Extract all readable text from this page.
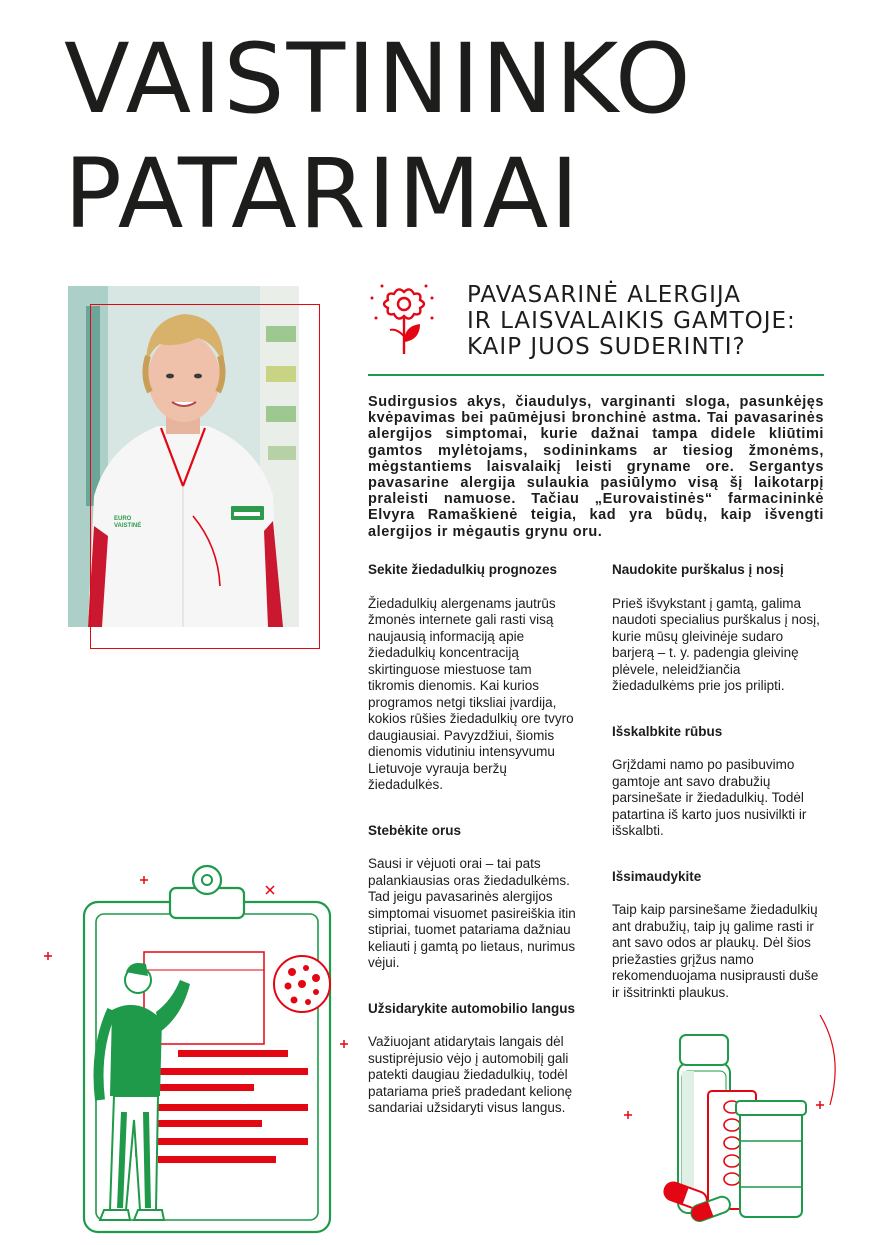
VAISTININKO
PATARIMAI
EURO
VAISTINĖ
PAVASARINĖ ALERGIJA
IR LAISVALAIKIS GAMTOJE:
KAIP JUOS SUDERINTI?

Sudirgusios akys, čiaudulys, varginanti sloga, pasunkėjęs kvėpavimas bei paūmėjusi bronchinė astma. Tai pavasarinės alergijos simptomai, kurie dažnai tampa didele kliūtimi gamtos mylėtojams, sodininkams ar tiesiog žmonėms, mėgstantiems laisvalaikį leisti gryname ore. Sergantys pavasarine alergija sulaukia pasiūlymo visą šį laikotarpį praleisti namuose. Tačiau „Eurovaistinės“ farmacininkė Elvyra Ramaškienė teigia, kad yra būdų, kaip išvengti alergijos ir mėgautis grynu oru.

Sekite žiedadulkių prognozes

Žiedadulkių alergenams jautrūs žmonės internete gali rasti visą naujausią informaciją apie žiedadulkių koncentraciją skirtinguose miestuose tam tikromis dienomis. Kai kurios programos netgi tiksliai įvardija, kokios rūšies žiedadulkių ore tvyro daugiausiai. Pavyzdžiui, šiomis dienomis vidutiniu intensyvumu Lietuvoje vyrauja beržų žiedadulkės.

Stebėkite orus

Sausi ir vėjuoti orai – tai pats palankiausias oras žiedadulkėms. Tad jeigu pavasarinės alergijos simptomai visuomet pasireiškia itin stipriai, tuomet patariama dažniau keliauti į gamtą po lietaus, nurimus vėjui.

Užsidarykite automobilio langus

Važiuojant atidarytais langais dėl sustiprėjusio vėjo į automobilį gali patekti daugiau žiedadulkių, todėl patariama prieš pradedant kelionę sandariai užsidaryti visus langus.

Naudokite purškalus į nosį

Prieš išvykstant į gamtą, galima naudoti specialius purškalus į nosį, kurie mūsų gleivinėje sudaro barjerą – t. y. padengia gleivinę plėvele, neleidžiančia žiedadulkėms prie jos prilipti.

Išskalbkite rūbus

Grįždami namo po pasibuvimo gamtoje ant savo drabužių parsinešate ir žiedadulkių. Todėl patartina iš karto juos nusivilkti ir išskalbti.

Išsimaudykite

Taip kaip parsinešame žiedadulkių ant drabužių, taip jų galime rasti ir ant savo odos ar plaukų. Dėl šios priežasties grįžus namo rekomenduojama nusiprausti duše ir išsitrinkti plaukus.
